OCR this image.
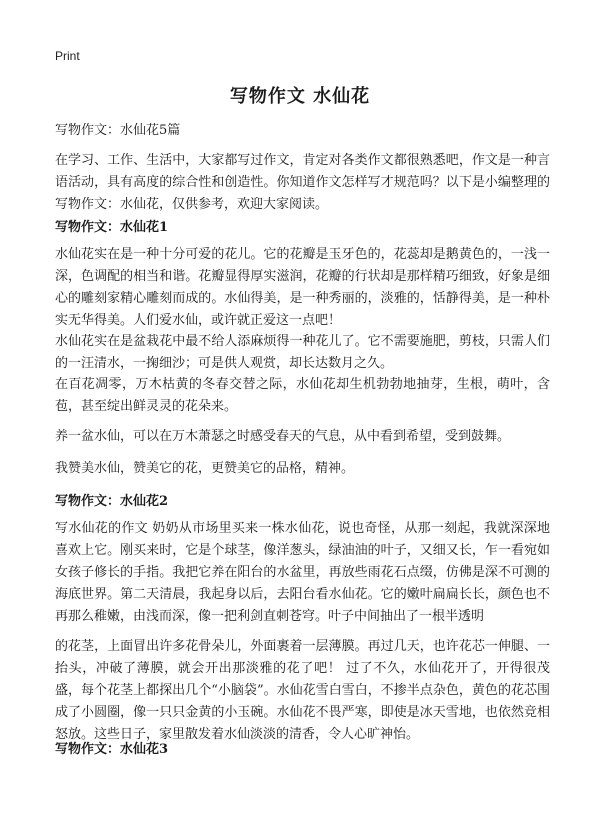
Print
写物作文 水仙花

写物作文：水仙花5篇

在学习、工作、生活中，大家都写过作文，肯定对各类作文都很熟悉吧，作文是一种言语活动，具有高度的综合性和创造性。你知道作文怎样写才规范吗？以下是小编整理的写物作文：水仙花，仅供参考，欢迎大家阅读。

写物作文：水仙花1

水仙花实在是一种十分可爱的花儿。它的花瓣是玉牙色的，花蕊却是鹅黄色的，一浅一深，色调配的相当和谐。花瓣显得厚实滋润，花瓣的行状却是那样精巧细致，好象是细心的雕刻家精心雕刻而成的。水仙得美，是一种秀丽的，淡雅的，恬静得美，是一种朴实无华得美。人们爱水仙，或许就正爱这一点吧！

水仙花实在是盆栽花中最不给人添麻烦得一种花儿了。它不需要施肥，剪枝，只需人们的一汪清水，一掬细沙；可是供人观赏，却长达数月之久。

在百花凋零，万木枯黄的冬春交替之际，水仙花却生机勃勃地抽芽，生根，萌叶，含苞，甚至绽出鲜灵灵的花朵来。

养一盆水仙，可以在万木萧瑟之时感受春天的气息，从中看到希望，受到鼓舞。

我赞美水仙，赞美它的花，更赞美它的品格，精神。

写物作文：水仙花2

写水仙花的作文 奶奶从市场里买来一株水仙花，说也奇怪，从那一刻起，我就深深地喜欢上它。刚买来时，它是个球茎，像洋葱头，绿油油的叶子，又细又长，乍一看宛如女孩子修长的手指。我把它养在阳台的水盆里，再放些雨花石点缀，仿佛是深不可测的海底世界。第二天清晨，我起身以后，去阳台看水仙花。它的嫩叶扁扁长长，颜色也不再那么稚嫩，由浅而深，像一把利剑直刺苍穹。叶子中间抽出了一根半透明

的花茎，上面冒出许多花骨朵儿，外面裹着一层薄膜。再过几天，也许花芯一伸腿、一抬头，冲破了薄膜，就会开出那淡雅的花了吧！ 过了不久，水仙花开了，开得很茂盛，每个花茎上都探出几个“小脑袋”。水仙花雪白雪白，不掺半点杂色，黄色的花芯围成了小圆圈，像一只只金黄的小玉碗。水仙花不畏严寒，即使是冰天雪地，也依然竞相怒放。这些日子，家里散发着水仙淡淡的清香，令人心旷神怡。

写物作文：水仙花3
